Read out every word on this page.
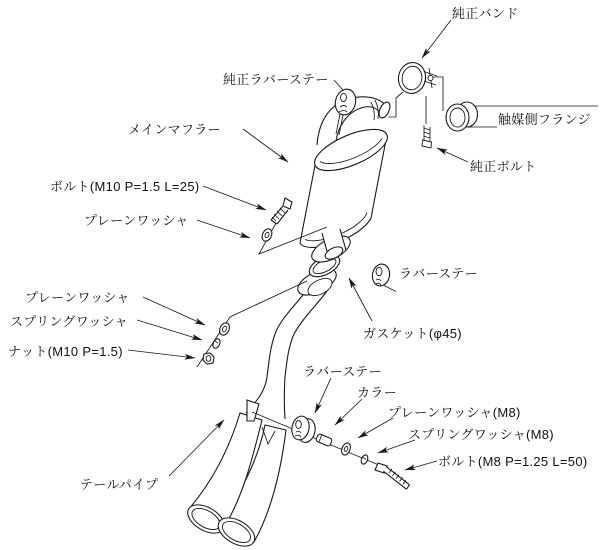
純正バンド
純正ラバーステー
メインマフラー
ボルト(M10 P=1.5 L=25)
プレーンワッシャ
触媒側フランジ
純正ボルト
ラバーステー
プレーンワッシャ
スプリングワッシャ
ナット(M10 P=1.5)
ガスケット(φ45)
ラバーステー
カラー
プレーンワッシャ(M8)
スプリングワッシャ(M8)
ボルト(M8 P=1.25 L=50)
テールパイプ
